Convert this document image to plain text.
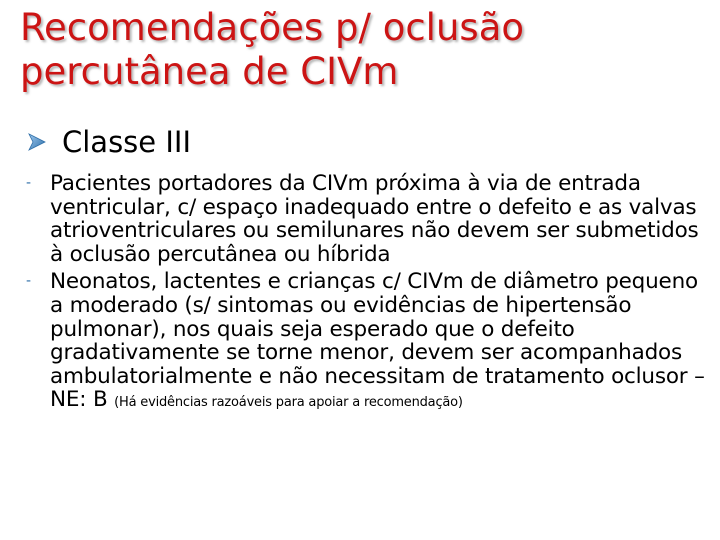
Recomendações p/ oclusão
percutânea de CIVm
Classe III
- Pacientes portadores da CIVm próxima à via de entrada ventricular, c/ espaço inadequado entre o defeito e as valvas atrioventriculares ou semilunares não devem ser submetidos à oclusão percutânea ou híbrida
- Neonatos, lactentes e crianças c/ CIVm de diâmetro pequeno a moderado (s/ sintomas ou evidências de hipertensão pulmonar), nos quais seja esperado que o defeito gradativamente se torne menor, devem ser acompanhados ambulatorialmente e não necessitam de tratamento oclusor – NE: B (Há evidências razoáveis para apoiar a recomendação)
